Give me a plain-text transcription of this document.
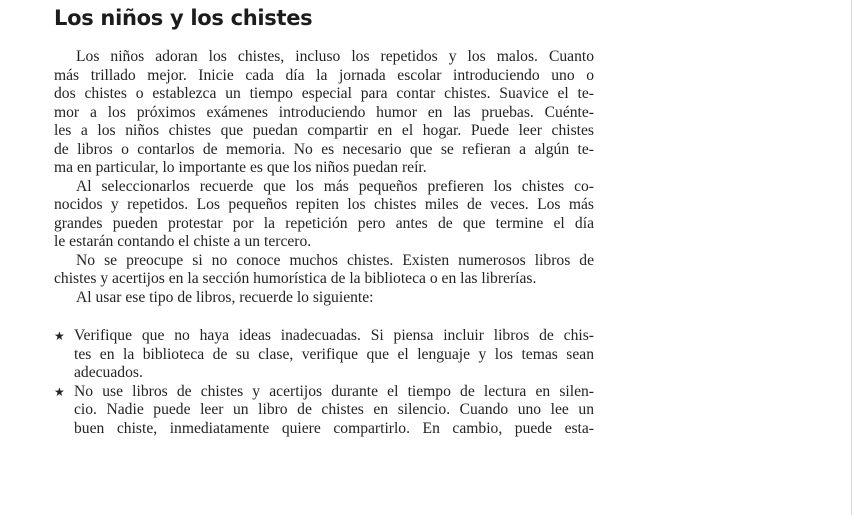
Los niños y los chistes
Los niños adoran los chistes, incluso los repetidos y los malos. Cuanto
más trillado mejor. Inicie cada día la jornada escolar introduciendo uno o
dos chistes o establezca un tiempo especial para contar chistes. Suavice el te-
mor a los próximos exámenes introduciendo humor en las pruebas. Cuénte-
les a los niños chistes que puedan compartir en el hogar. Puede leer chistes
de libros o contarlos de memoria. No es necesario que se refieran a algún te-
ma en particular, lo importante es que los niños puedan reír.
Al seleccionarlos recuerde que los más pequeños prefieren los chistes co-
nocidos y repetidos. Los pequeños repiten los chistes miles de veces. Los más
grandes pueden protestar por la repetición pero antes de que termine el día
le estarán contando el chiste a un tercero.
No se preocupe si no conoce muchos chistes. Existen numerosos libros de
chistes y acertijos en la sección humorística de la biblioteca o en las librerías.
Al usar ese tipo de libros, recuerde lo siguiente:
★ Verifique que no haya ideas inadecuadas. Si piensa incluir libros de chis-
tes en la biblioteca de su clase, verifique que el lenguaje y los temas sean
adecuados.
★ No use libros de chistes y acertijos durante el tiempo de lectura en silen-
cio. Nadie puede leer un libro de chistes en silencio. Cuando uno lee un
buen chiste, inmediatamente quiere compartirlo. En cambio, puede esta-
